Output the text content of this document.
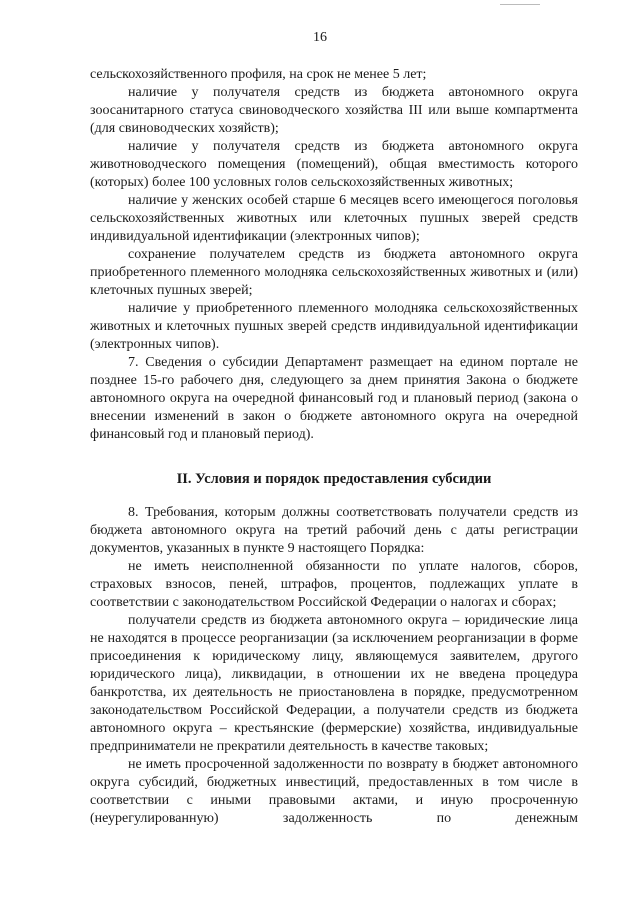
16

сельскохозяйственного профиля, на срок не менее 5 лет;

наличие у получателя средств из бюджета автономного округа зоосанитарного статуса свиноводческого хозяйства III или выше компартмента (для свиноводческих хозяйств);

наличие у получателя средств из бюджета автономного округа животноводческого помещения (помещений), общая вместимость которого (которых) более 100 условных голов сельскохозяйственных животных;

наличие у женских особей старше 6 месяцев всего имеющегося поголовья сельскохозяйственных животных или клеточных пушных зверей средств индивидуальной идентификации (электронных чипов);

сохранение получателем средств из бюджета автономного округа приобретенного племенного молодняка сельскохозяйственных животных и (или) клеточных пушных зверей;

наличие у приобретенного племенного молодняка сельскохозяйственных животных и клеточных пушных зверей средств индивидуальной идентификации (электронных чипов).

7. Сведения о субсидии Департамент размещает на едином портале не позднее 15-го рабочего дня, следующего за днем принятия Закона о бюджете автономного округа на очередной финансовый год и плановый период (закона о внесении изменений в закон о бюджете автономного округа на очередной финансовый год и плановый период).

II. Условия и порядок предоставления субсидии

8. Требования, которым должны соответствовать получатели средств из бюджета автономного округа на третий рабочий день с даты регистрации документов, указанных в пункте 9 настоящего Порядка:

не иметь неисполненной обязанности по уплате налогов, сборов, страховых взносов, пеней, штрафов, процентов, подлежащих уплате в соответствии с законодательством Российской Федерации о налогах и сборах;

получатели средств из бюджета автономного округа – юридические лица не находятся в процессе реорганизации (за исключением реорганизации в форме присоединения к юридическому лицу, являющемуся заявителем, другого юридического лица), ликвидации, в отношении их не введена процедура банкротства, их деятельность не приостановлена в порядке, предусмотренном законодательством Российской Федерации, а получатели средств из бюджета автономного округа – крестьянские (фермерские) хозяйства, индивидуальные предприниматели не прекратили деятельность в качестве таковых;

не иметь просроченной задолженности по возврату в бюджет автономного округа субсидий, бюджетных инвестиций, предоставленных в том числе в соответствии с иными правовыми актами, и иную просроченную (неурегулированную) задолженность по денежным
